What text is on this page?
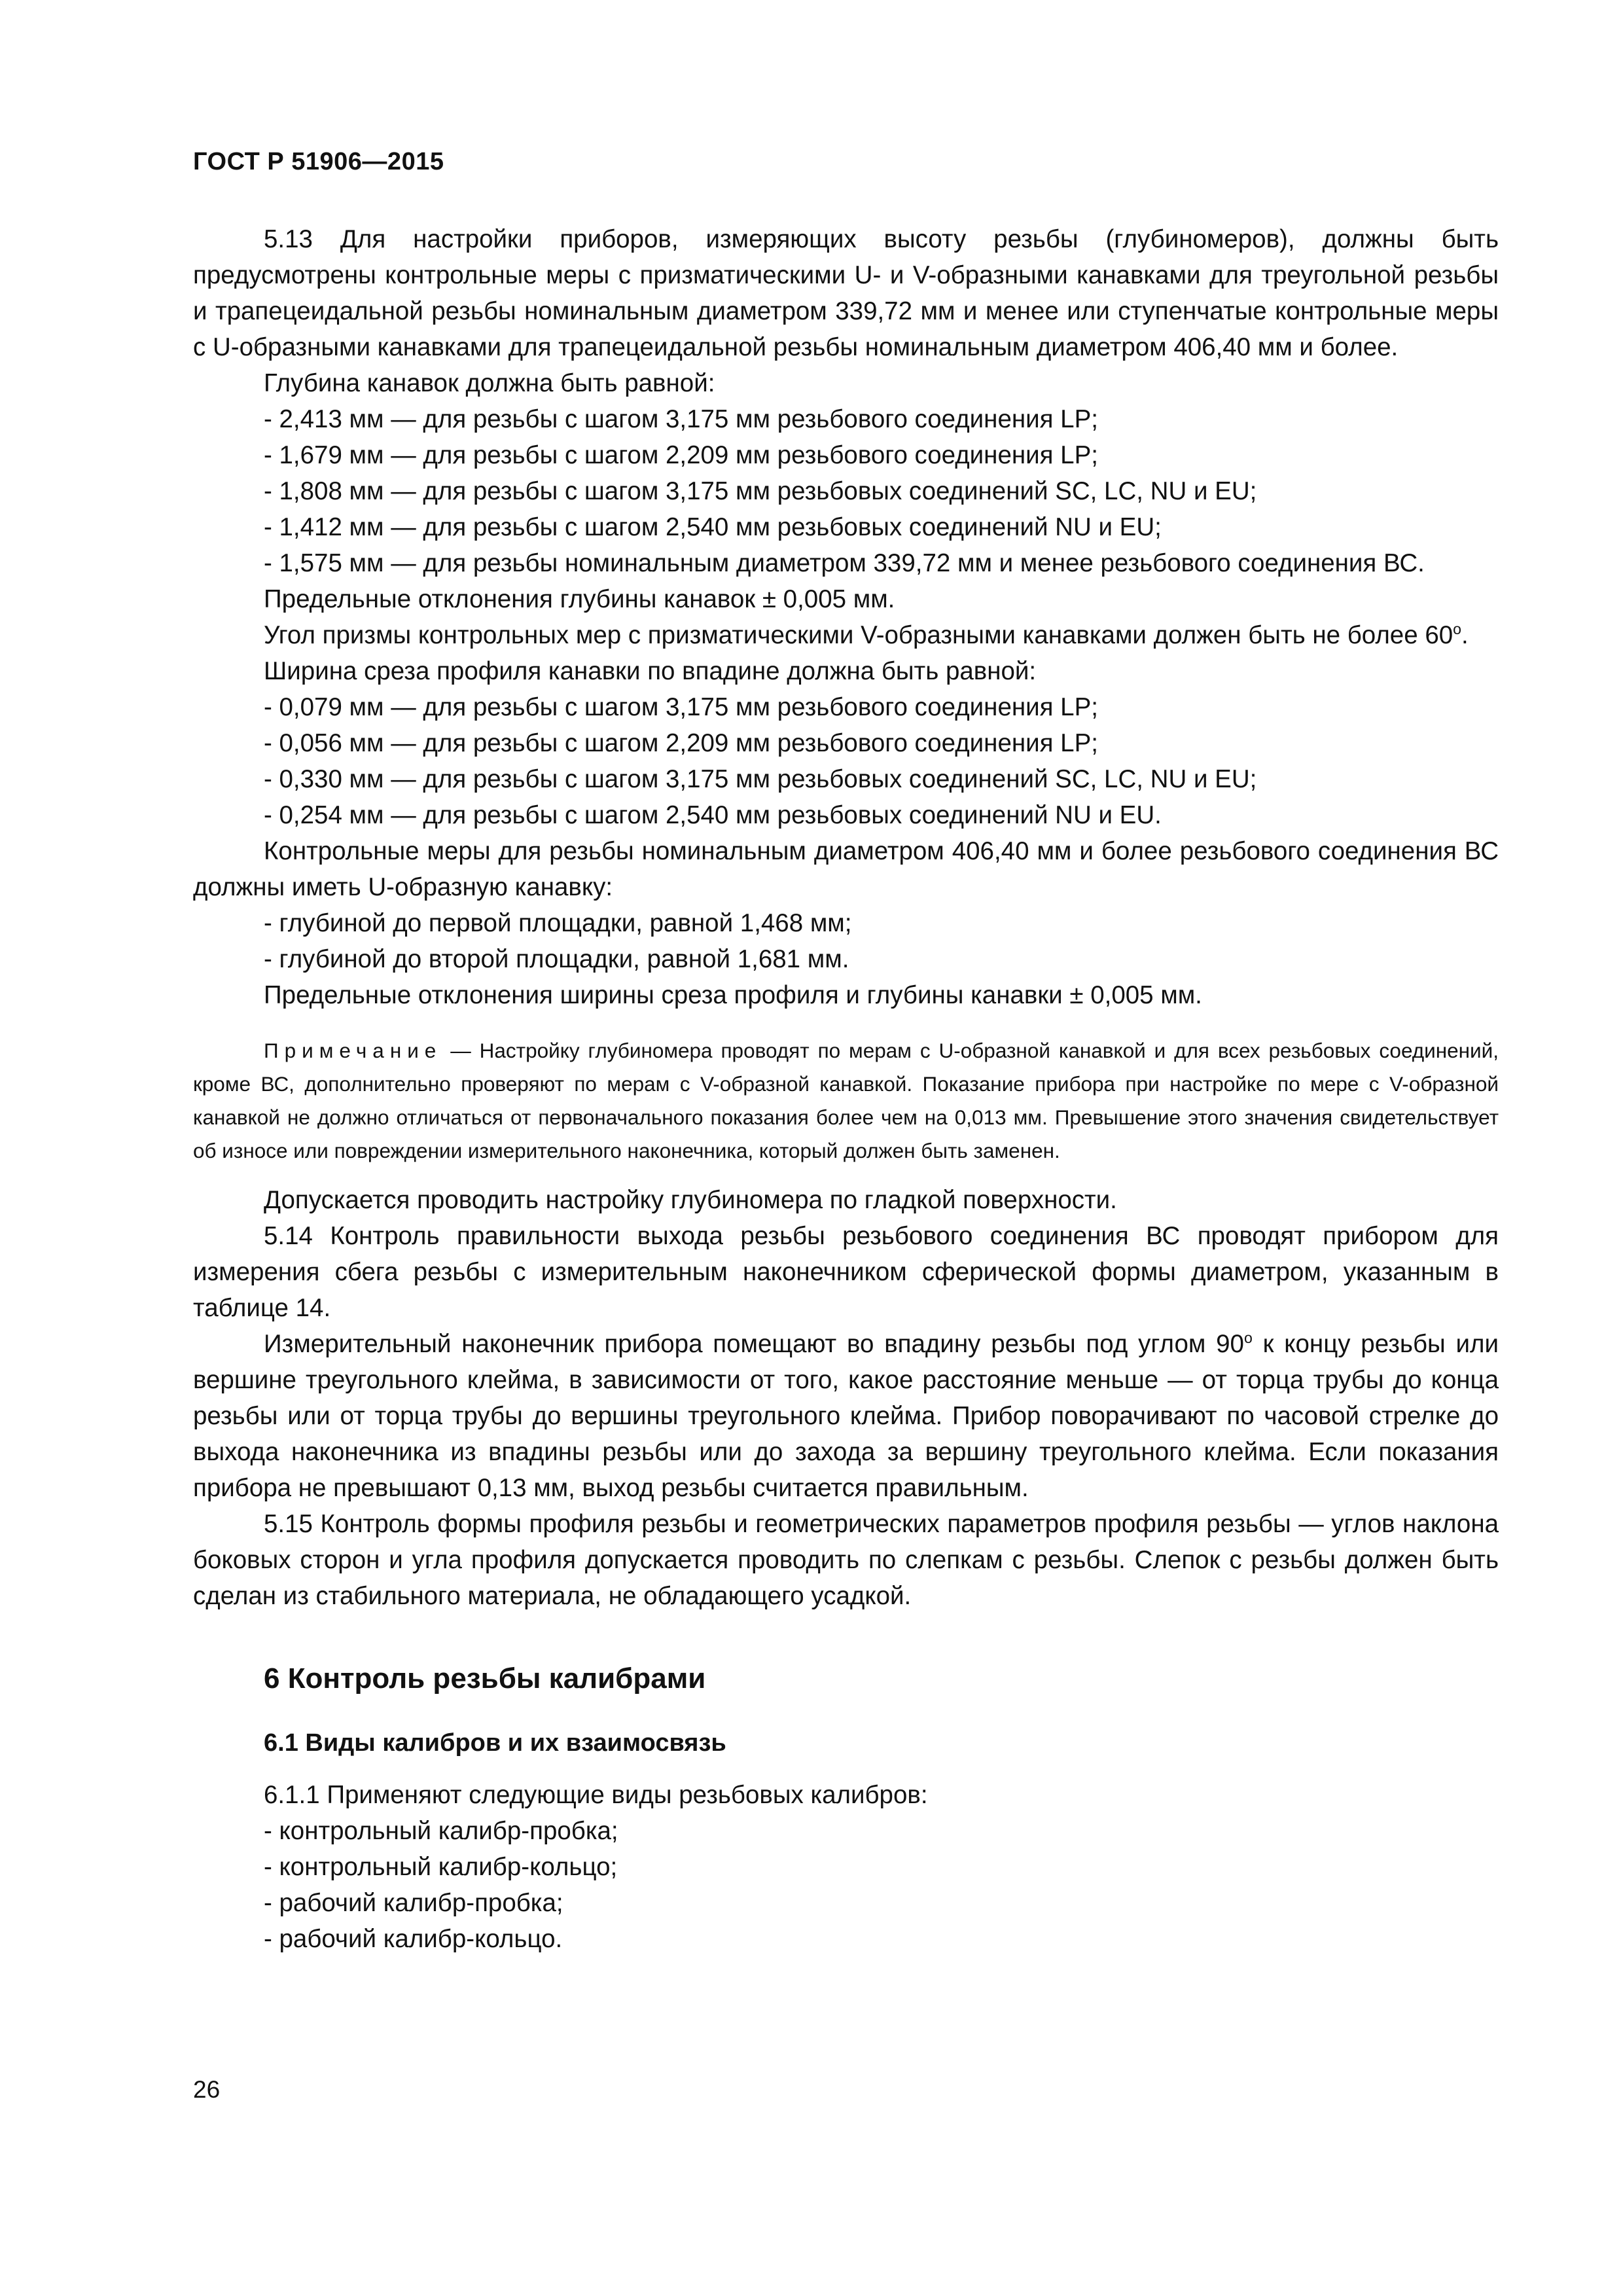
ГОСТ Р 51906—2015

5.13 Для настройки приборов, измеряющих высоту резьбы (глубиномеров), должны быть предусмотрены контрольные меры с призматическими U- и V-образными канавками для треугольной резьбы и трапецеидальной резьбы номинальным диаметром 339,72 мм и менее или ступенчатые контрольные меры с U-образными канавками для трапецеидальной резьбы номинальным диаметром 406,40 мм и более.

Глубина канавок должна быть равной:

- 2,413 мм — для резьбы с шагом 3,175 мм резьбового соединения LP;

- 1,679 мм — для резьбы с шагом 2,209 мм резьбового соединения LP;

- 1,808 мм — для резьбы с шагом 3,175 мм резьбовых соединений SC, LC, NU и EU;

- 1,412 мм — для резьбы с шагом 2,540 мм резьбовых соединений NU и EU;

- 1,575 мм — для резьбы номинальным диаметром 339,72 мм и менее резьбового соединения ВС.

Предельные отклонения глубины канавок ± 0,005 мм.

Угол призмы контрольных мер с призматическими V-образными канавками должен быть не более $60^о$.

Ширина среза профиля канавки по впадине должна быть равной:

- 0,079 мм — для резьбы с шагом 3,175 мм резьбового соединения LP;

- 0,056 мм — для резьбы с шагом 2,209 мм резьбового соединения LP;

- 0,330 мм — для резьбы с шагом 3,175 мм резьбовых соединений SC, LC, NU и EU;

- 0,254 мм — для резьбы с шагом 2,540 мм резьбовых соединений NU и EU.

Контрольные меры для резьбы номинальным диаметром 406,40 мм и более резьбового соединения ВС должны иметь U-образную канавку:

- глубиной до первой площадки, равной 1,468 мм;

- глубиной до второй площадки, равной 1,681 мм.

Предельные отклонения ширины среза профиля и глубины канавки ± 0,005 мм.

Примечание — Настройку глубиномера проводят по мерам с U-образной канавкой и для всех резьбовых соединений, кроме ВС, дополнительно проверяют по мерам с V-образной канавкой. Показание прибора при настройке по мере с V-образной канавкой не должно отличаться от первоначального показания более чем на 0,013 мм. Превышение этого значения свидетельствует об износе или повреждении измерительного наконечника, который должен быть заменен.

Допускается проводить настройку глубиномера по гладкой поверхности.

5.14 Контроль правильности выхода резьбы резьбового соединения ВС проводят прибором для измерения сбега резьбы с измерительным наконечником сферической формы диаметром, указанным в таблице 14.

Измерительный наконечник прибора помещают во впадину резьбы под углом $90^о$ к концу резьбы или вершине треугольного клейма, в зависимости от того, какое расстояние меньше — от торца трубы до конца резьбы или от торца трубы до вершины треугольного клейма. Прибор поворачивают по часовой стрелке до выхода наконечника из впадины резьбы или до захода за вершину треугольного клейма. Если показания прибора не превышают 0,13 мм, выход резьбы считается правильным.

5.15 Контроль формы профиля резьбы и геометрических параметров профиля резьбы — углов наклона боковых сторон и угла профиля допускается проводить по слепкам с резьбы. Слепок с резьбы должен быть сделан из стабильного материала, не обладающего усадкой.

6 Контроль резьбы калибрами
6.1 Виды калибров и их взаимосвязь

6.1.1 Применяют следующие виды резьбовых калибров:

- контрольный калибр-пробка;

- контрольный калибр-кольцо;

- рабочий калибр-пробка;

- рабочий калибр-кольцо.

26
